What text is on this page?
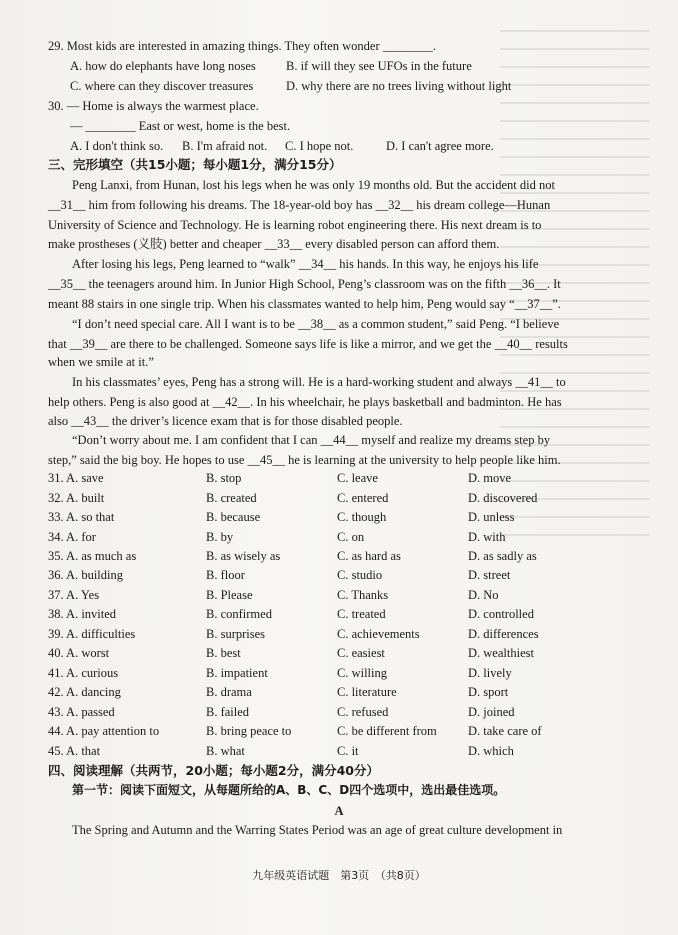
29. Most kids are interested in amazing things. They often wonder ________.
A. how do elephants have long noses B. if will they see UFOs in the future
C. where can they discover treasures	D. why there are no trees living without light
30. — Home is always the warmest place.
— ________ East or west, home is the best.
A. I don't think so. B. I'm afraid not. C. I hope not.	D. I can't agree more.
三、完形填空（共15小题；每小题1分，满分15分）
Peng Lanxi, from Hunan, lost his legs when he was only 19 months old. But the accident did not
__31__ him from following his dreams. The 18-year-old boy has __32__ his dream college—Hunan
University of Science and Technology. He is learning robot engineering there. His next dream is to
make prostheses (义肢) better and cheaper __33__ every disabled person can afford them.
After losing his legs, Peng learned to “walk” __34__ his hands. In this way, he enjoys his life
__35__ the teenagers around him. In Junior High School, Peng’s classroom was on the fifth __36__. It
meant 88 stairs in one single trip. When his classmates wanted to help him, Peng would say “__37__”.
“I don’t need special care. All I want is to be __38__ as a common student,” said Peng. “I believe
that __39__ are there to be challenged. Someone says life is like a mirror, and we get the __40__ results
when we smile at it.”
In his classmates’ eyes, Peng has a strong will. He is a hard-working student and always __41__ to
help others. Peng is also good at __42__. In his wheelchair, he plays basketball and badminton. He has
also __43__ the driver’s licence exam that is for those disabled people.
“Don’t worry about me. I am confident that I can __44__ myself and realize my dreams step by
step,” said the big boy. He hopes to use __45__ he is learning at the university to help people like him.
31. A. save	B. stop	C. leave	D. move
32. A. built	B. created	C. entered	D. discovered
33. A. so that	B. because	C. though	D. unless
34. A. for	B. by	C. on	D. with
35. A. as much as	B. as wisely as	C. as hard as	D. as sadly as
36. A. building	B. floor	C. studio	D. street
37. A. Yes	B. Please	C. Thanks	D. No
38. A. invited	B. confirmed	C. treated	D. controlled
39. A. difficulties	B. surprises	C. achievements	D. differences
40. A. worst	B. best	C. easiest	D. wealthiest
41. A. curious	B. impatient	C. willing	D. lively
42. A. dancing	B. drama	C. literature	D. sport
43. A. passed	B. failed	C. refused	D. joined
44. A. pay attention to	B. bring peace to	C. be different from	D. take care of
45. A. that	B. what	C. it	D. which
四、阅读理解（共两节，20小题；每小题2分，满分40分）
第一节：阅读下面短文，从每题所给的A、B、C、D四个选项中，选出最佳选项。
A
The Spring and Autumn and the Warring States Period was an age of great culture development in
九年级英语试题　第3页　（共8页）
